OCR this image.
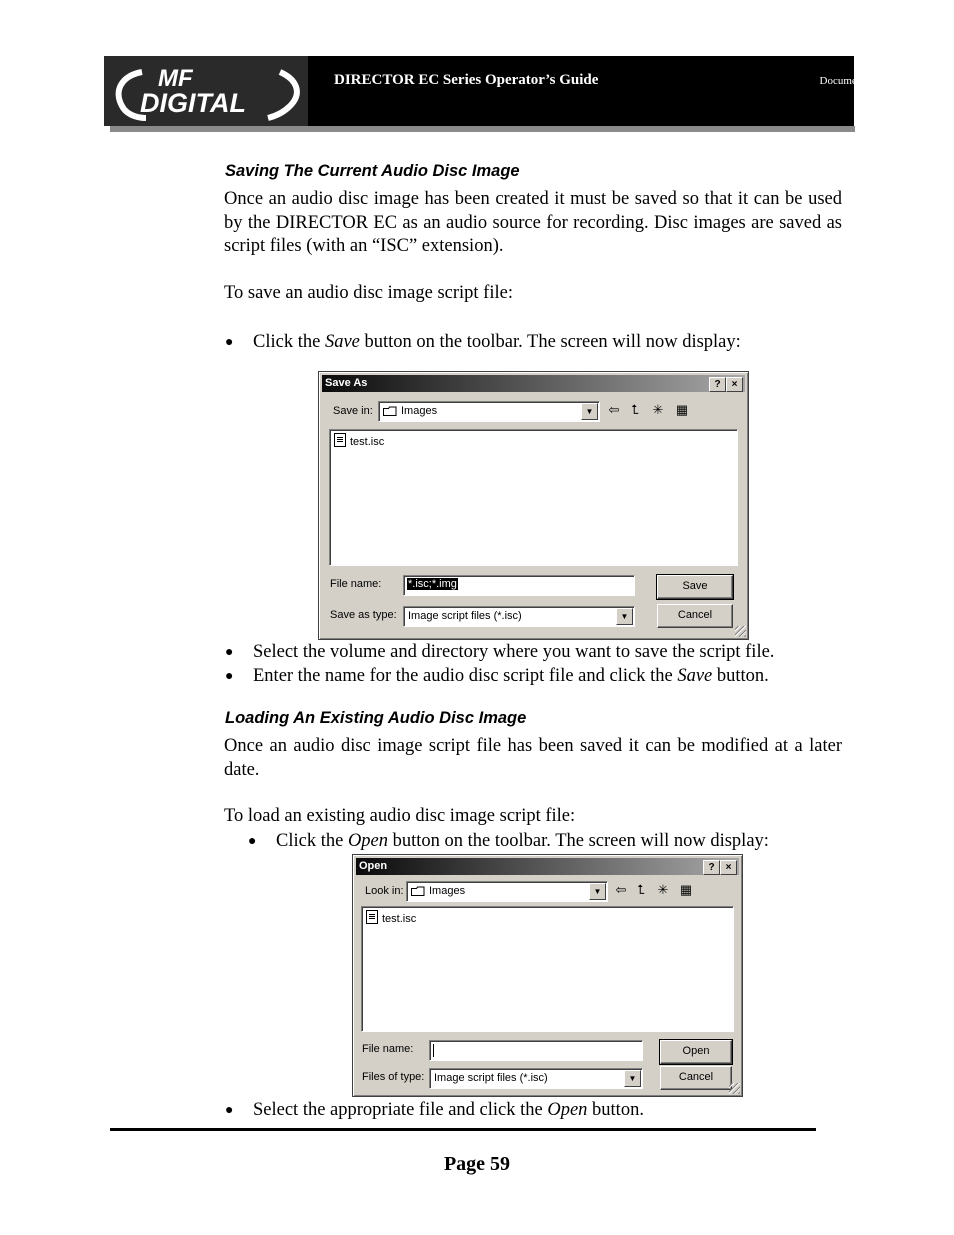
MF
DIGITAL
DIRECTOR EC Series Operator’s Guide	Document Revision: 080904
Saving The Current Audio Disc Image
Once an audio disc image has been created it must be saved so that it can be used by the DIRECTOR EC as an audio source for recording. Disc images are saved as script files (with an “ISC” extension).
To save an audio disc image script file:
● Click the Save button on the toolbar. The screen will now display:
Save As	?	×
Save in:	Images	▼	⇦ ⮤	✳ ▦
test.isc
File name: *.isc;*.img
Save as type: Image script files (*.isc)	▼
Save
Cancel
● Select the volume and directory where you want to save the script file.
● Enter the name for the audio disc script file and click the Save button.
Loading An Existing Audio Disc Image
Once an audio disc image script file has been saved it can be modified at a later date.
To load an existing audio disc image script file:
● Click the Open button on the toolbar. The screen will now display:
Open	?	×
Look in: Images	▼	⇦ ⮤ ✳ ▦
test.isc
File name:
Files of type: Image script files (*.isc)	▼
Open
Cancel
● Select the appropriate file and click the Open button.
Page 59
